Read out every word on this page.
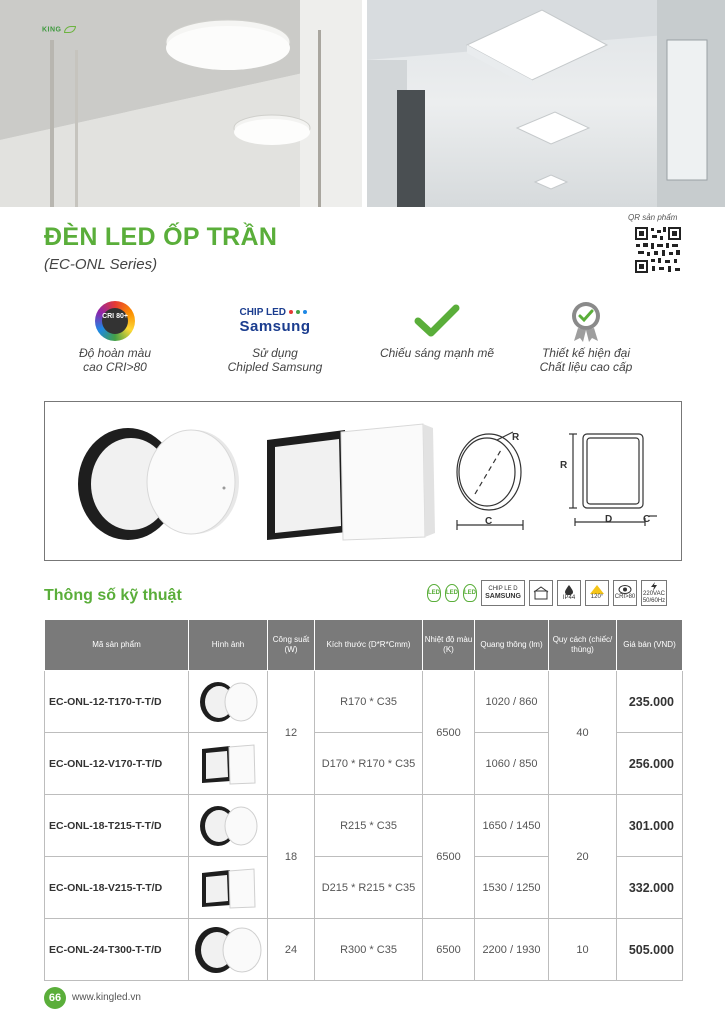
KING
ĐÈN LED ỐP TRẦN
(EC-ONL Series)
QR sản phẩm
CRI 80+
Độ hoàn màu
cao CRI>80
CHIP LED
Samsung
Sử dụng
Chipled Samsung
Chiếu sáng mạnh mẽ	Thiết kế hiện đại
Chất liệu cao cấp
R
C
R
D	C
Thông số kỹ thuật	LED LED LED
CHIP LE D
SAMSUNG	IP44	120° CRI>80
220VAC
50/60Hz
Mã sản phẩm	Hình ảnh	Công suất (W)	Kích thước (D*R*Cmm)	Nhiệt độ màu (K)	Quang thông (lm)	Quy cách (chiếc/ thùng)	Giá bán (VND)
EC-ONL-12-T170-T-T/D		12	R170 * C35	6500	1020 / 860	40	235.000
EC-ONL-12-V170-T-T/D			D170 * R170 * C35		1060 / 850		256.000
EC-ONL-18-T215-T-T/D		18	R215 * C35	6500	1650 / 1450	20	301.000
EC-ONL-18-V215-T-T/D			D215 * R215 * C35		1530 / 1250		332.000
EC-ONL-24-T300-T-T/D		24	R300 * C35	6500	2200 / 1930	10	505.000
66	www.kingled.vn
